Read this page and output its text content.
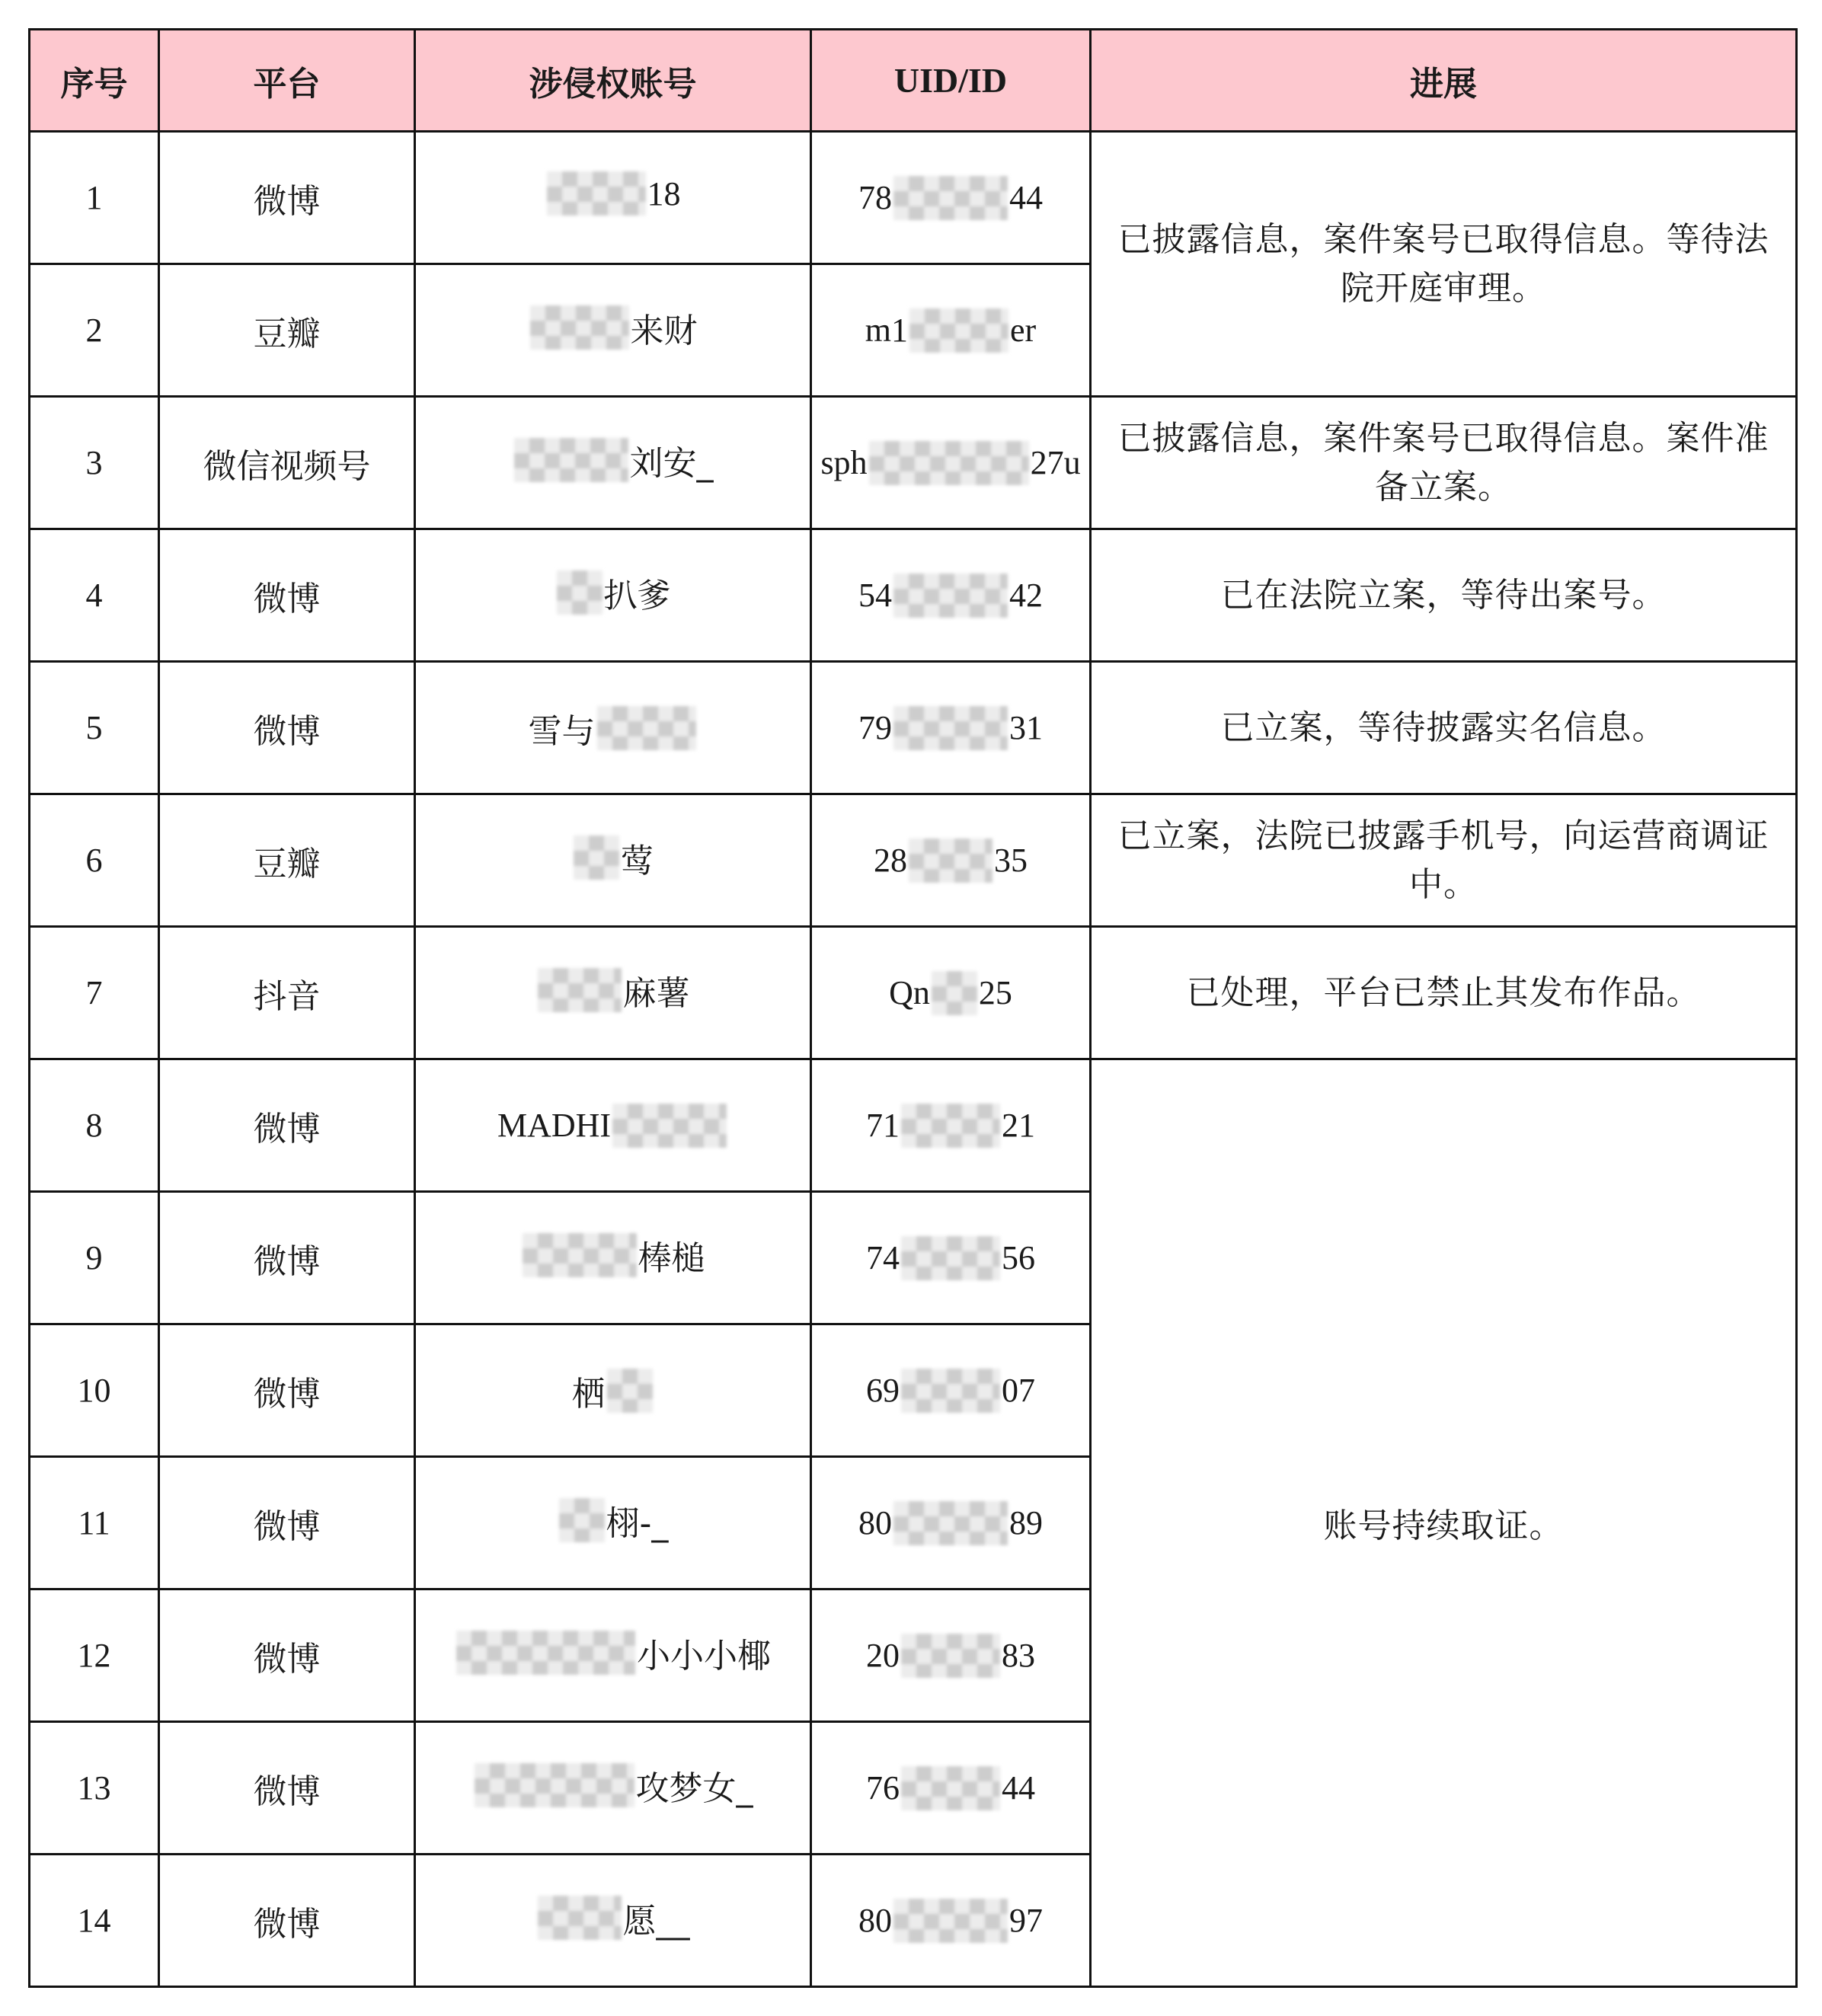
序号	平台	涉侵权账号	UID/ID	进展
1	微博	18	78 44	已披露信息，案件案号已取得信息。等待法院开庭审理。
2	豆瓣	来财	m1 er	

3	微信视频号	刘安_	sph 27u	已披露信息，案件案号已取得信息。案件准备立案。
4	微博	扒爹	54 42	已在法院立案，等待出案号。
5	微博	雪与	79 31	已立案，等待披露实名信息。
6	豆瓣	莺	28 35	已立案，法院已披露手机号，向运营商调证中。
7	抖音	麻薯	Qn 25	已处理，平台已禁止其发布作品。
8	微博	MADHI	71 21	账号持续取证。
9	微博	棒槌	74 56	

10	微博	栖	69 07	

11	微博	栩-_	80 89	

12	微博	小小小椰	20 83	

13	微博	攻梦女_	76 44	

14	微博	愿__	80 97	
